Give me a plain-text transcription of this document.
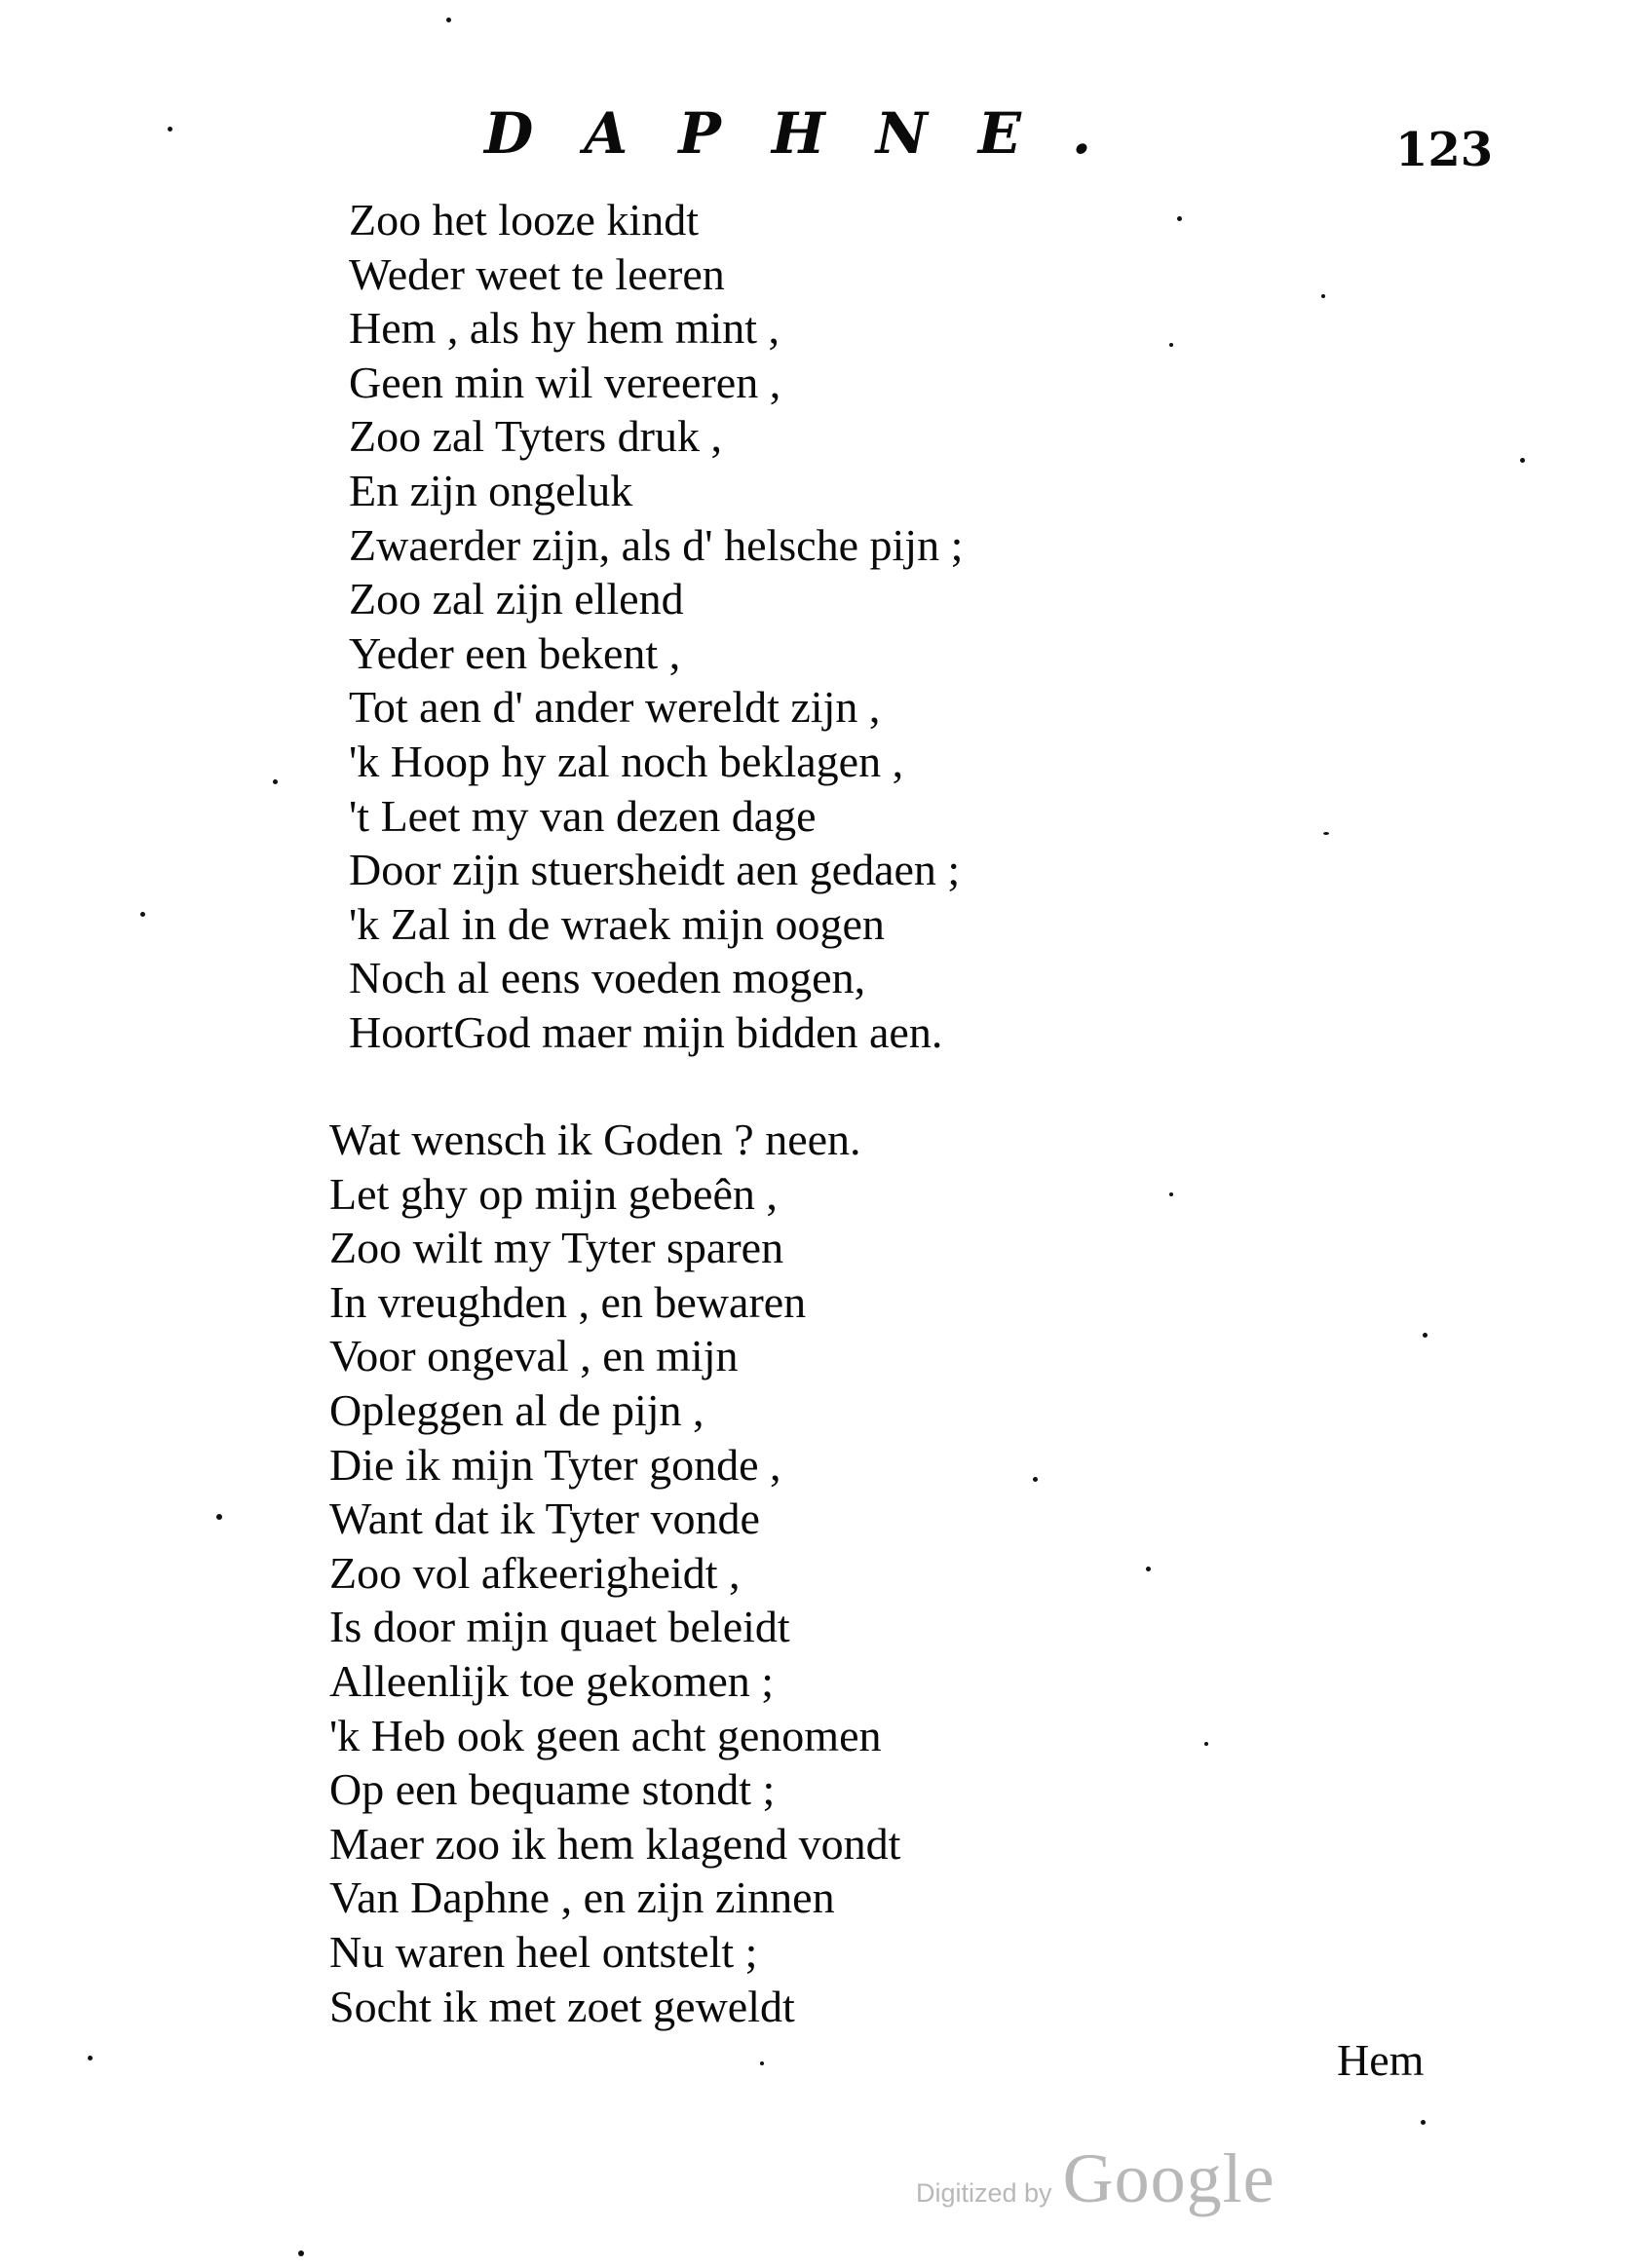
DAPHNE.	123
Zoo het looze kindt
Weder weet te leeren
Hem , als hy hem mint ,
Geen min wil vereeren ,
Zoo zal Tyters druk ,
En zijn ongeluk
Zwaerder zijn, als d' helsche pijn ;
Zoo zal zijn ellend
Yeder een bekent ,
Tot aen d' ander wereldt zijn ,
'k Hoop hy zal noch beklagen ,
't Leet my van dezen dage
Door zijn stuersheidt aen gedaen ;
'k Zal in de wraek mijn oogen
Noch al eens voeden mogen,
HoortGod maer mijn bidden aen.
Wat wensch ik Goden ? neen.
Let ghy op mijn gebeên ,
Zoo wilt my Tyter sparen
In vreughden , en bewaren
Voor ongeval , en mijn
Opleggen al de pijn ,
Die ik mijn Tyter gonde ,
Want dat ik Tyter vonde
Zoo vol afkeerigheidt ,
Is door mijn quaet beleidt
Alleenlijk toe gekomen ;
'k Heb ook geen acht genomen
Op een bequame stondt ;
Maer zoo ik hem klagend vondt
Van Daphne , en zijn zinnen
Nu waren heel ontstelt ;
Socht ik met zoet geweldt
Hem
Digitized by Google
